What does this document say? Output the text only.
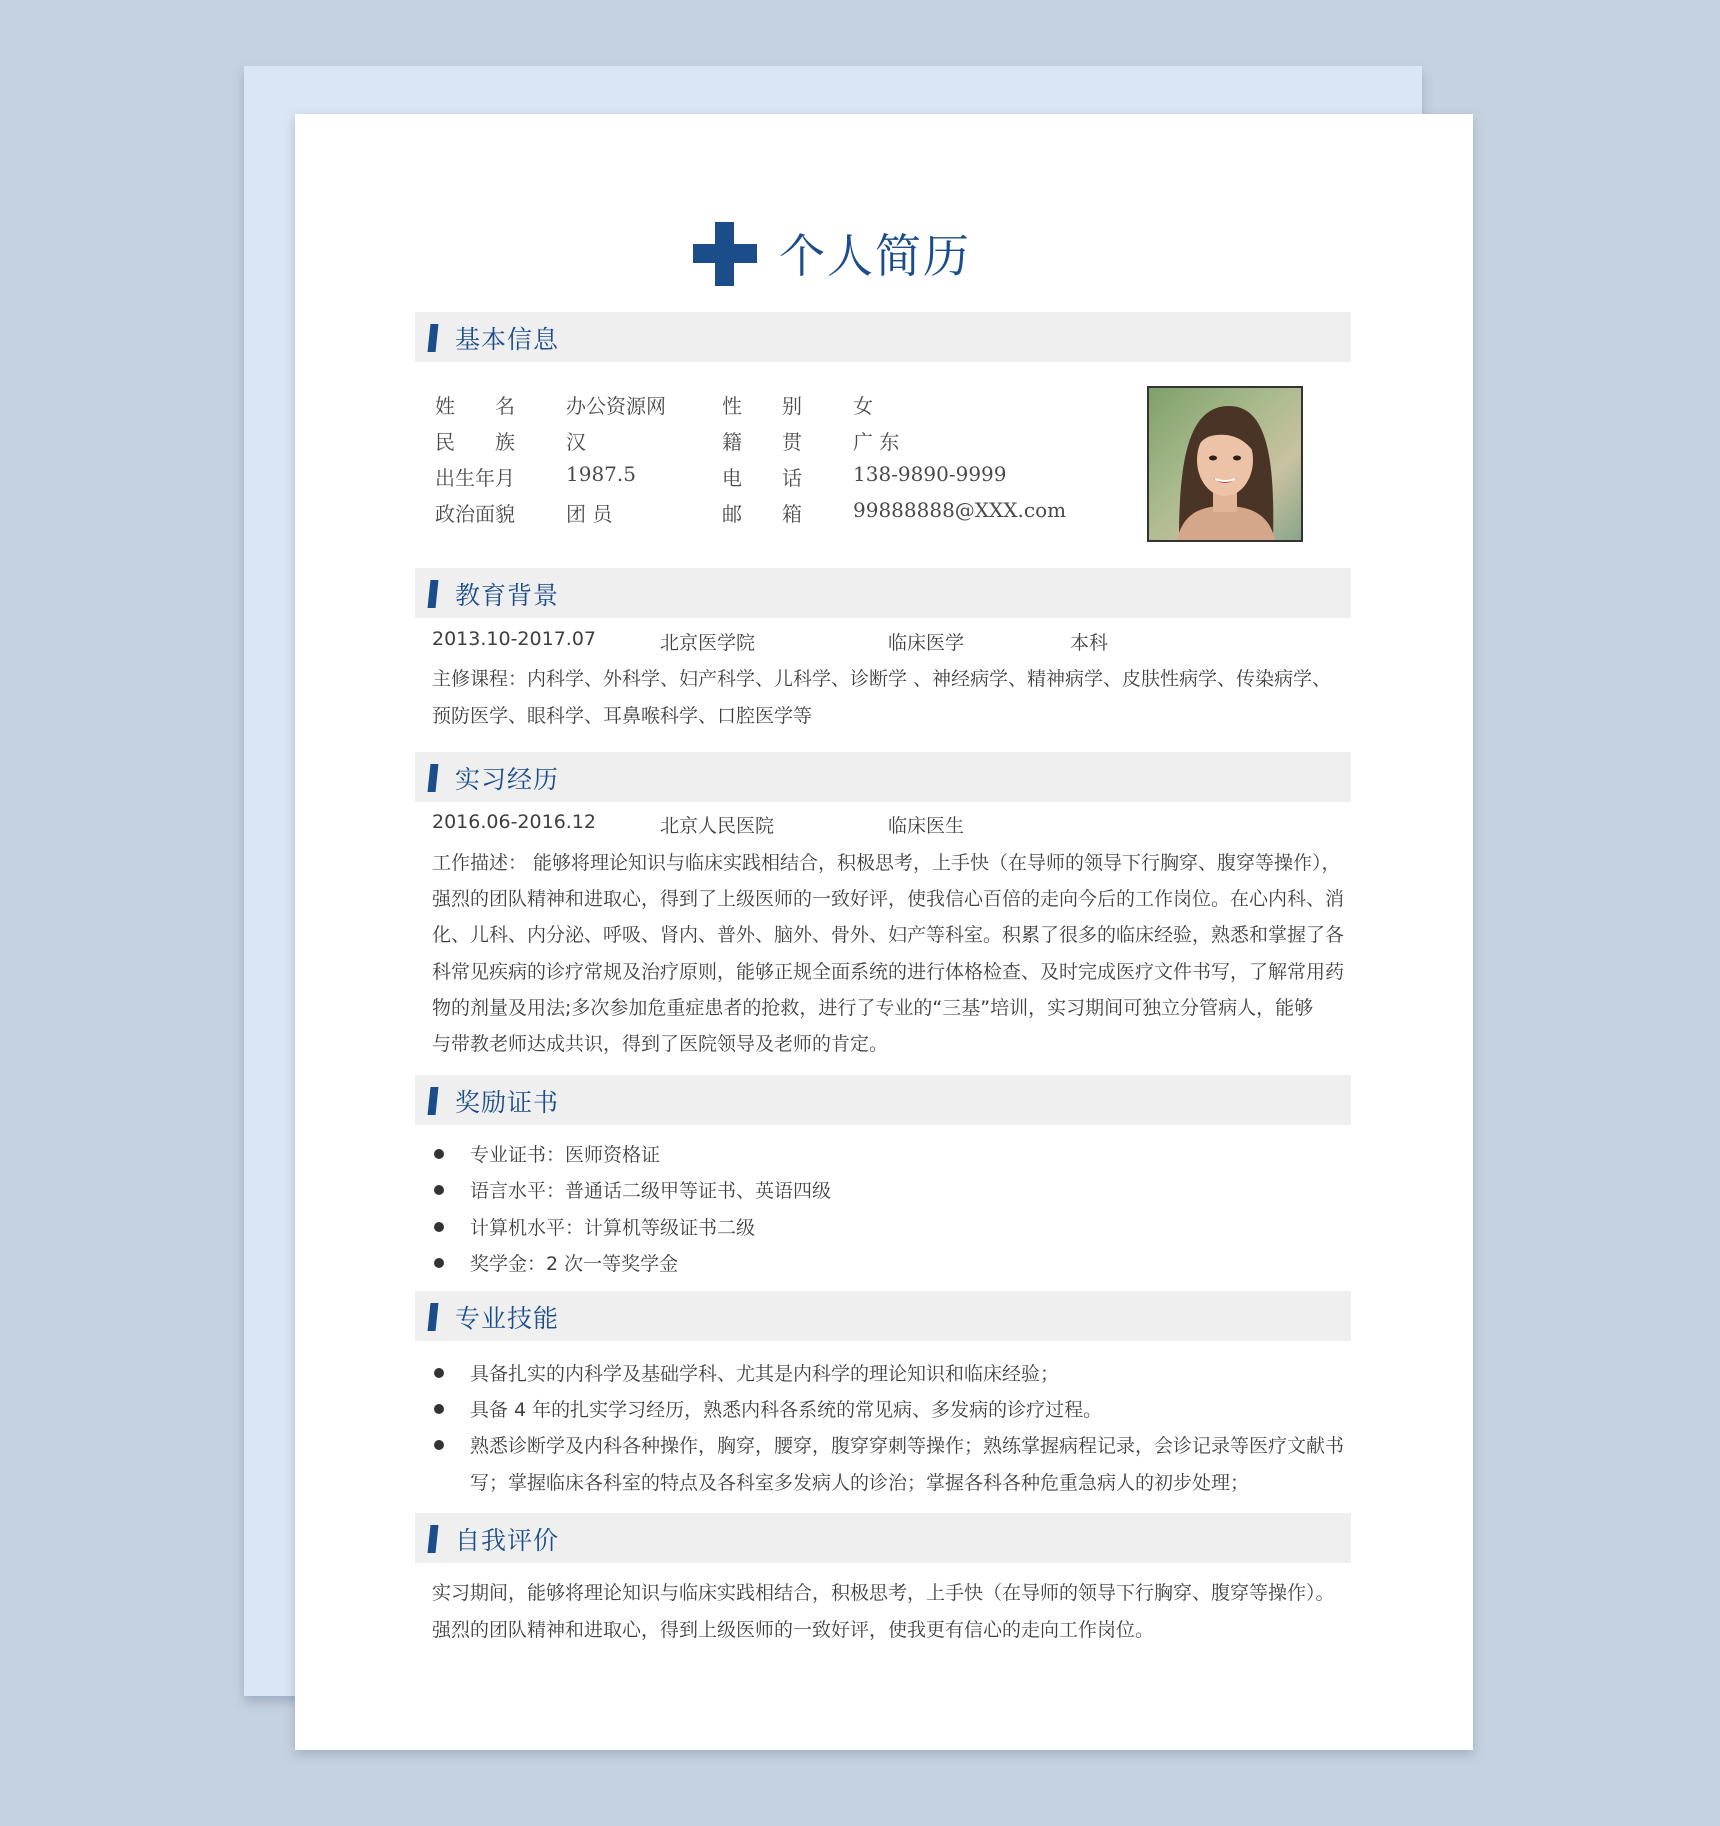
个人简历
基本信息
姓　　名	办公资源网	性　　别	女
民　　族	汉	籍　　贯	广 东
出生年月	1987.5	电　　话	138-9890-9999
政治面貌	团 员	邮　　箱	99888888@XXX.com
教育背景
2013.10-2017.07	北京医学院	临床医学	本科
主修课程：内科学、外科学、妇产科学、儿科学、诊断学 、神经病学、精神病学、皮肤性病学、传染病学、
预防医学、眼科学、耳鼻喉科学、口腔医学等
实习经历
2016.06-2016.12	北京人民医院	临床医生
工作描述： 能够将理论知识与临床实践相结合，积极思考，上手快（在导师的领导下行胸穿、腹穿等操作），
强烈的团队精神和进取心，得到了上级医师的一致好评，使我信心百倍的走向今后的工作岗位。在心内科、消
化、儿科、内分泌、呼吸、肾内、普外、脑外、骨外、妇产等科室。积累了很多的临床经验，熟悉和掌握了各
科常见疾病的诊疗常规及治疗原则，能够正规全面系统的进行体格检查、及时完成医疗文件书写，了解常用药
物的剂量及用法;多次参加危重症患者的抢救，进行了专业的“三基”培训，实习期间可独立分管病人，能够
与带教老师达成共识，得到了医院领导及老师的肯定。
奖励证书
专业证书：医师资格证
语言水平：普通话二级甲等证书、英语四级
计算机水平：计算机等级证书二级
奖学金：2 次一等奖学金
专业技能
具备扎实的内科学及基础学科、尤其是内科学的理论知识和临床经验；
具备 4 年的扎实学习经历，熟悉内科各系统的常见病、多发病的诊疗过程。
熟悉诊断学及内科各种操作，胸穿，腰穿，腹穿穿刺等操作；熟练掌握病程记录，会诊记录等医疗文献书
写；掌握临床各科室的特点及各科室多发病人的诊治；掌握各科各种危重急病人的初步处理；
自我评价
实习期间，能够将理论知识与临床实践相结合，积极思考，上手快（在导师的领导下行胸穿、腹穿等操作）。
强烈的团队精神和进取心，得到上级医师的一致好评，使我更有信心的走向工作岗位。
